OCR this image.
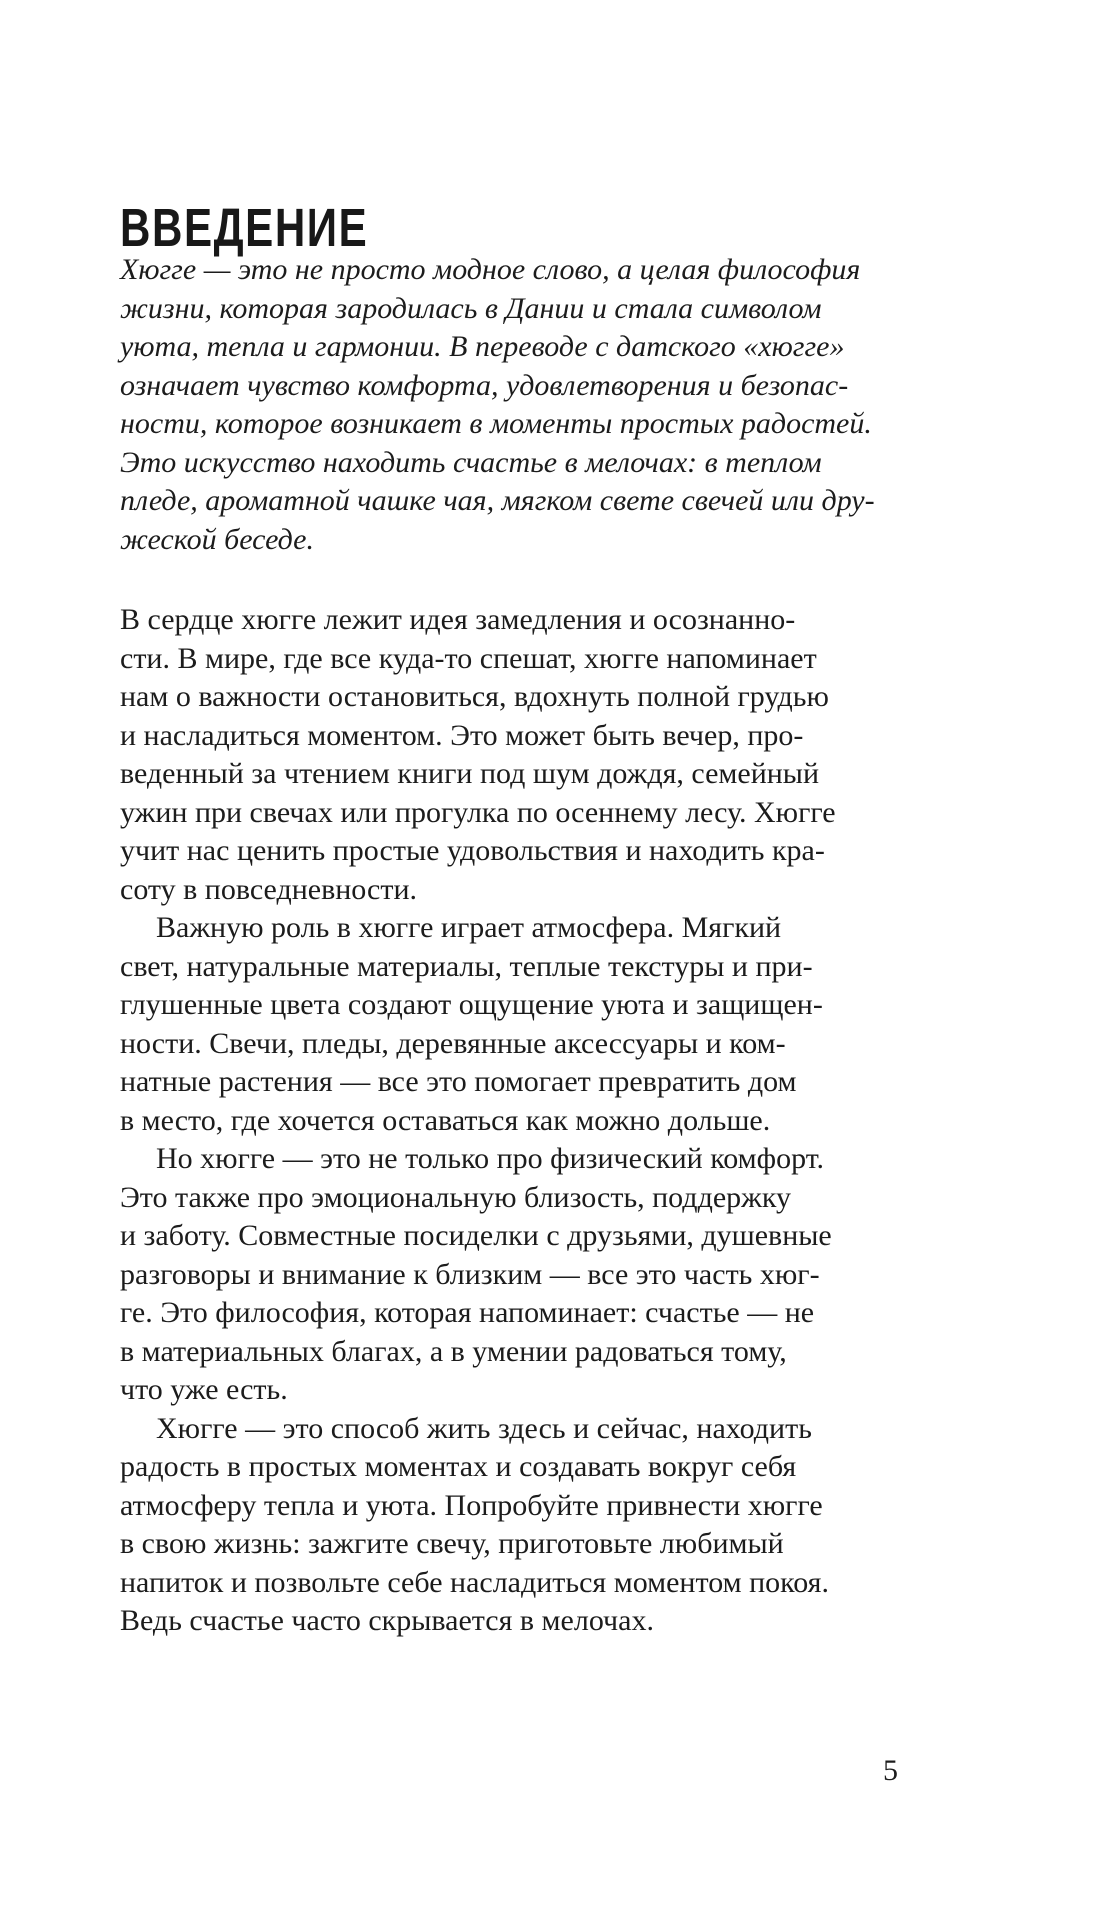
ВВЕДЕНИЕ
Хюгге — это не просто модное слово, а целая философия
жизни, которая зародилась в Дании и стала символом
уюта, тепла и гармонии. В переводе с датского «хюгге»
означает чувство комфорта, удовлетворения и безопас-
ности, которое возникает в моменты простых радостей.
Это искусство находить счастье в мелочах: в теплом
пледе, ароматной чашке чая, мягком свете свечей или дру-
жеской беседе.
В сердце хюгге лежит идея замедления и осознанно-
сти. В мире, где все куда-то спешат, хюгге напоминает
нам о важности остановиться, вдохнуть полной грудью
и насладиться моментом. Это может быть вечер, про-
веденный за чтением книги под шум дождя, семейный
ужин при свечах или прогулка по осеннему лесу. Хюгге
учит нас ценить простые удовольствия и находить кра-
соту в повседневности.
Важную роль в хюгге играет атмосфера. Мягкий
свет, натуральные материалы, теплые текстуры и при-
глушенные цвета создают ощущение уюта и защищен-
ности. Свечи, пледы, деревянные аксессуары и ком-
натные растения — все это помогает превратить дом
в место, где хочется оставаться как можно дольше.
Но хюгге — это не только про физический комфорт.
Это также про эмоциональную близость, поддержку
и заботу. Совместные посиделки с друзьями, душевные
разговоры и внимание к близким — все это часть хюг-
ге. Это философия, которая напоминает: счастье — не
в материальных благах, а в умении радоваться тому,
что уже есть.
Хюгге — это способ жить здесь и сейчас, находить
радость в простых моментах и создавать вокруг себя
атмосферу тепла и уюта. Попробуйте привнести хюгге
в свою жизнь: зажгите свечу, приготовьте любимый
напиток и позвольте себе насладиться моментом покоя.
Ведь счастье часто скрывается в мелочах.
5
